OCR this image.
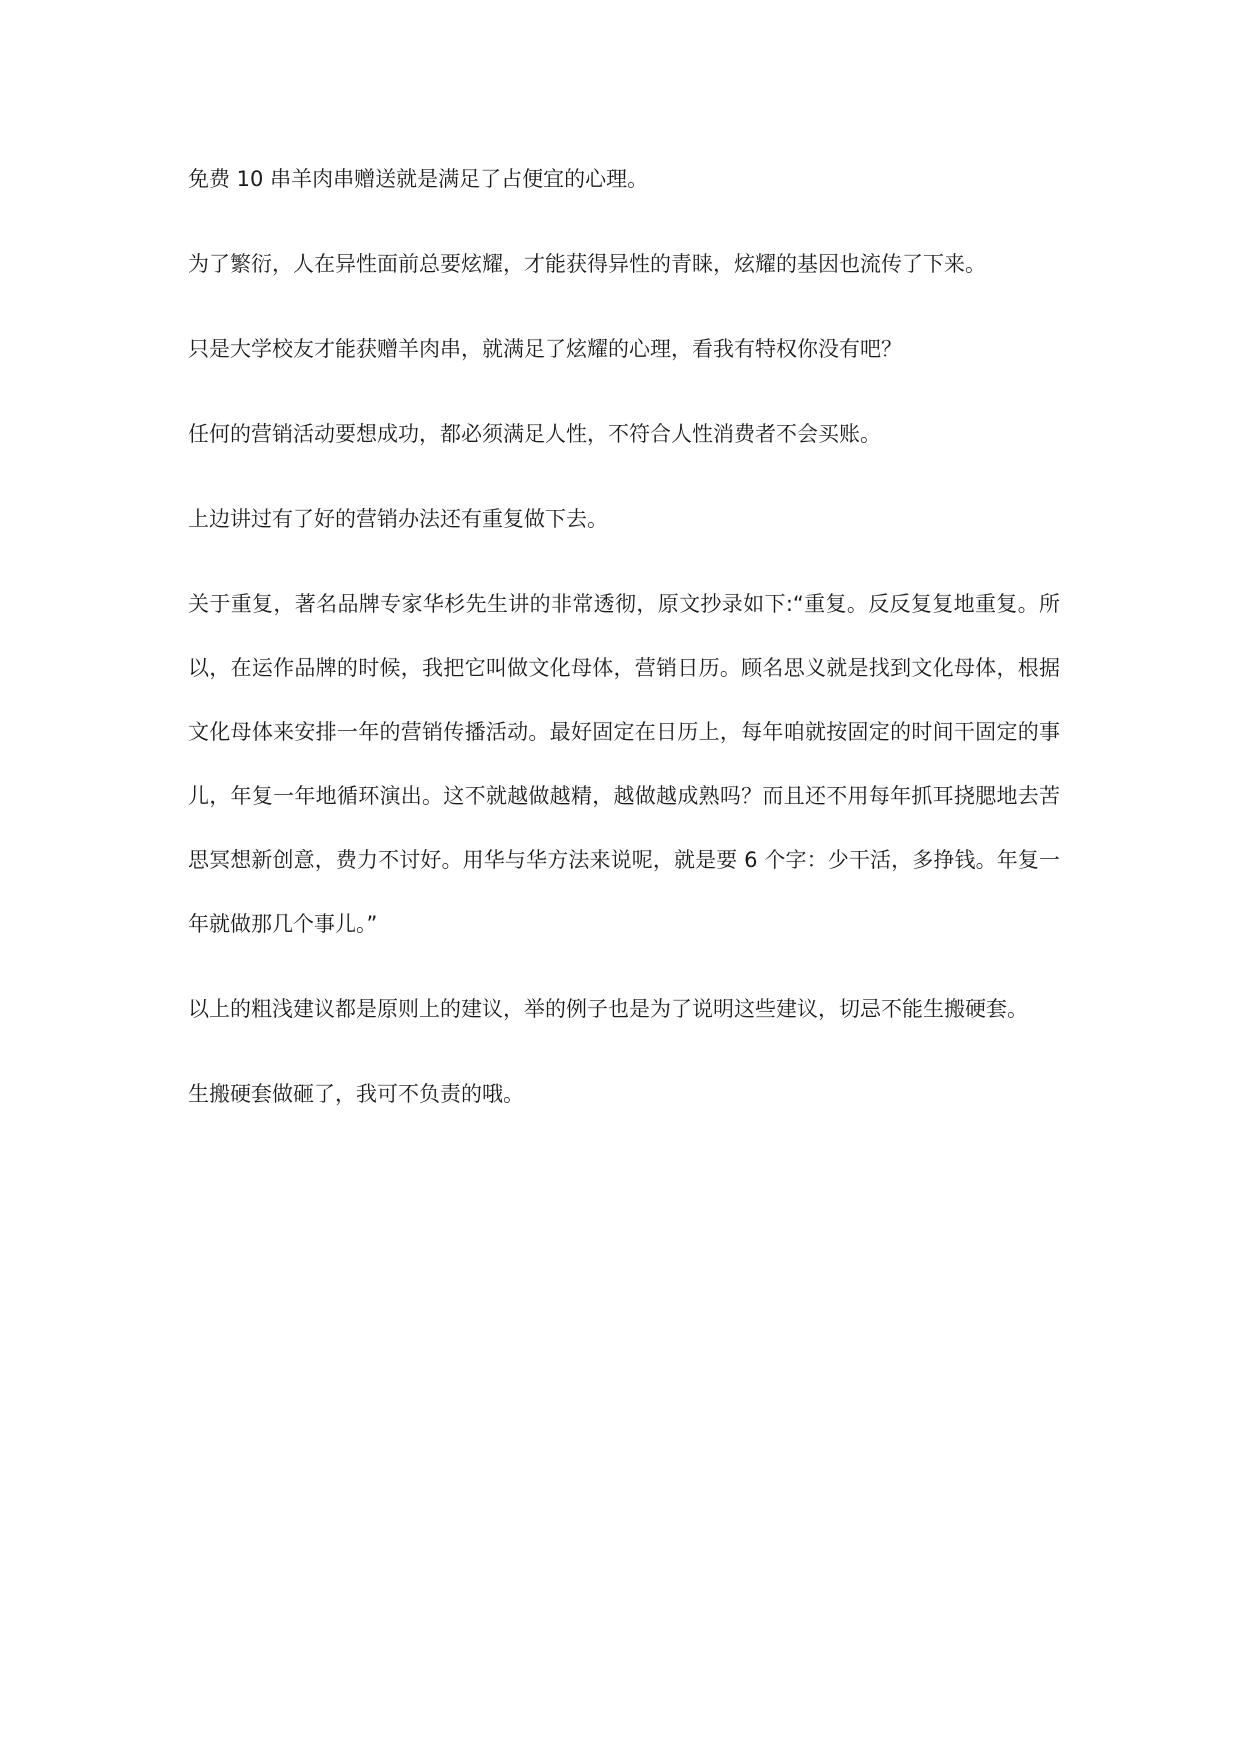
免费 10 串羊肉串赠送就是满足了占便宜的心理。

为了繁衍，人在异性面前总要炫耀，才能获得异性的青睐，炫耀的基因也流传了下来。

只是大学校友才能获赠羊肉串，就满足了炫耀的心理，看我有特权你没有吧？

任何的营销活动要想成功，都必须满足人性，不符合人性消费者不会买账。

上边讲过有了好的营销办法还有重复做下去。

关于重复，著名品牌专家华杉先生讲的非常透彻，原文抄录如下:“重复。反反复复地重复。所以，在运作品牌的时候，我把它叫做文化母体，营销日历。顾名思义就是找到文化母体，根据文化母体来安排一年的营销传播活动。最好固定在日历上，每年咱就按固定的时间干固定的事儿，年复一年地循环演出。这不就越做越精，越做越成熟吗？而且还不用每年抓耳挠腮地去苦思冥想新创意，费力不讨好。用华与华方法来说呢，就是要 6 个字：少干活，多挣钱。年复一年就做那几个事儿。”

以上的粗浅建议都是原则上的建议，举的例子也是为了说明这些建议，切忌不能生搬硬套。

生搬硬套做砸了，我可不负责的哦。
